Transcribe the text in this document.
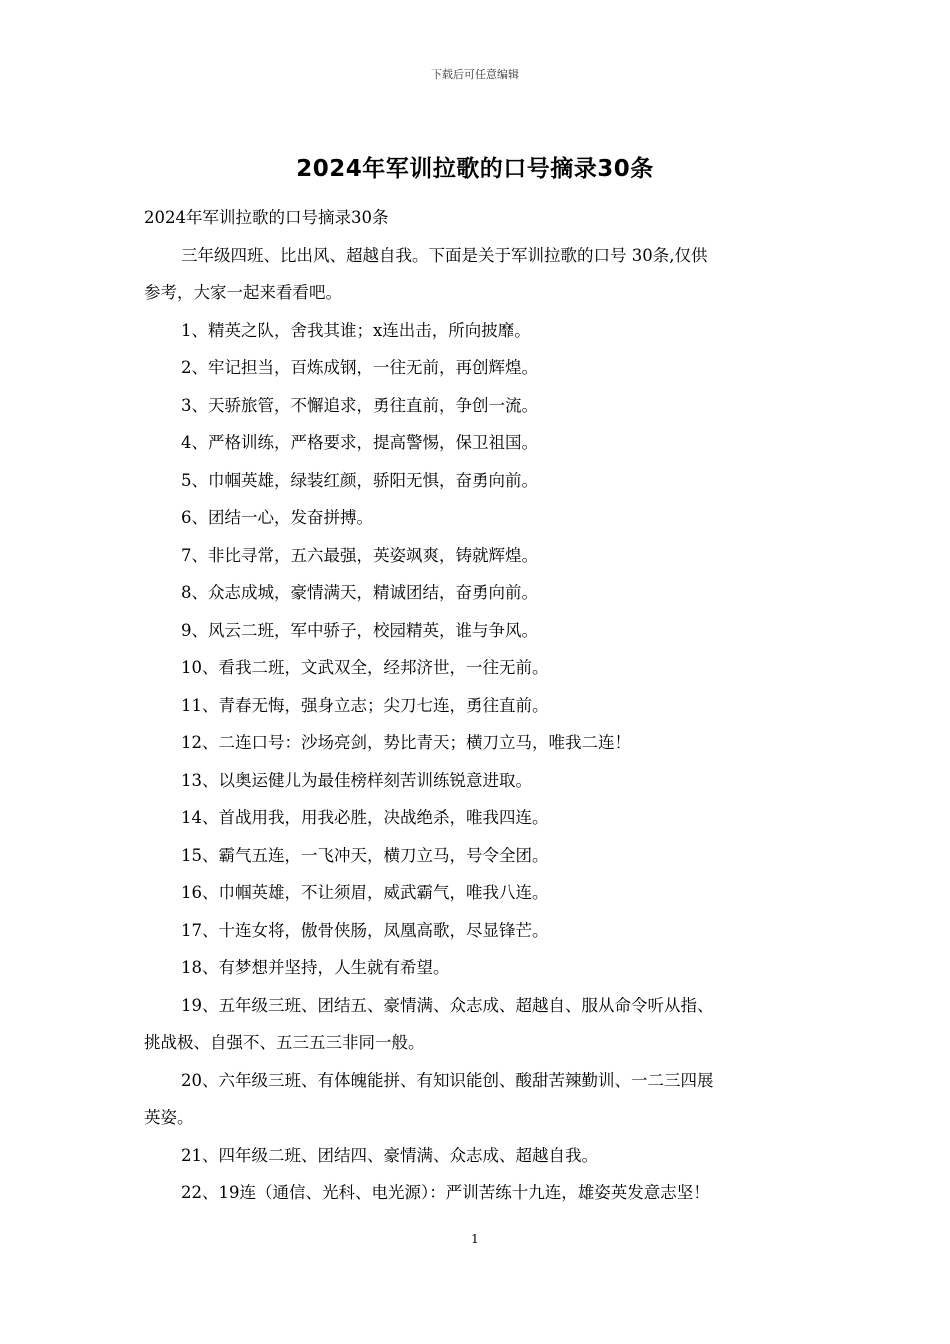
下载后可任意编辑
2024年军训拉歌的口号摘录30条
2024年军训拉歌的口号摘录30条
三年级四班、比出风、超越自我。下面是关于军训拉歌的口号 30条,仅供
参考，大家一起来看看吧。
1、精英之队，舍我其谁；x连出击，所向披靡。
2、牢记担当，百炼成钢，一往无前，再创辉煌。
3、天骄旅管，不懈追求，勇往直前，争创一流。
4、严格训练，严格要求，提高警惕，保卫祖国。
5、巾帼英雄，绿装红颜，骄阳无惧，奋勇向前。
6、团结一心，发奋拼搏。
7、非比寻常，五六最强，英姿飒爽，铸就辉煌。
8、众志成城，豪情满天，精诚团结，奋勇向前。
9、风云二班，军中骄子，校园精英，谁与争风。
10、看我二班，文武双全，经邦济世，一往无前。
11、青春无悔，强身立志；尖刀七连，勇往直前。
12、二连口号：沙场亮剑，势比青天；横刀立马，唯我二连！
13、以奥运健儿为最佳榜样刻苦训练锐意进取。
14、首战用我，用我必胜，决战绝杀，唯我四连。
15、霸气五连，一飞冲天，横刀立马，号令全团。
16、巾帼英雄，不让须眉，威武霸气，唯我八连。
17、十连女将，傲骨侠肠，凤凰高歌，尽显锋芒。
18、有梦想并坚持，人生就有希望。
19、五年级三班、团结五、豪情满、众志成、超越自、服从命令听从指、
挑战极、自强不、五三五三非同一般。
20、六年级三班、有体魄能拼、有知识能创、酸甜苦辣勤训、一二三四展
英姿。
21、四年级二班、团结四、豪情满、众志成、超越自我。
22、19连（通信、光科、电光源）：严训苦练十九连，雄姿英发意志坚！
1
